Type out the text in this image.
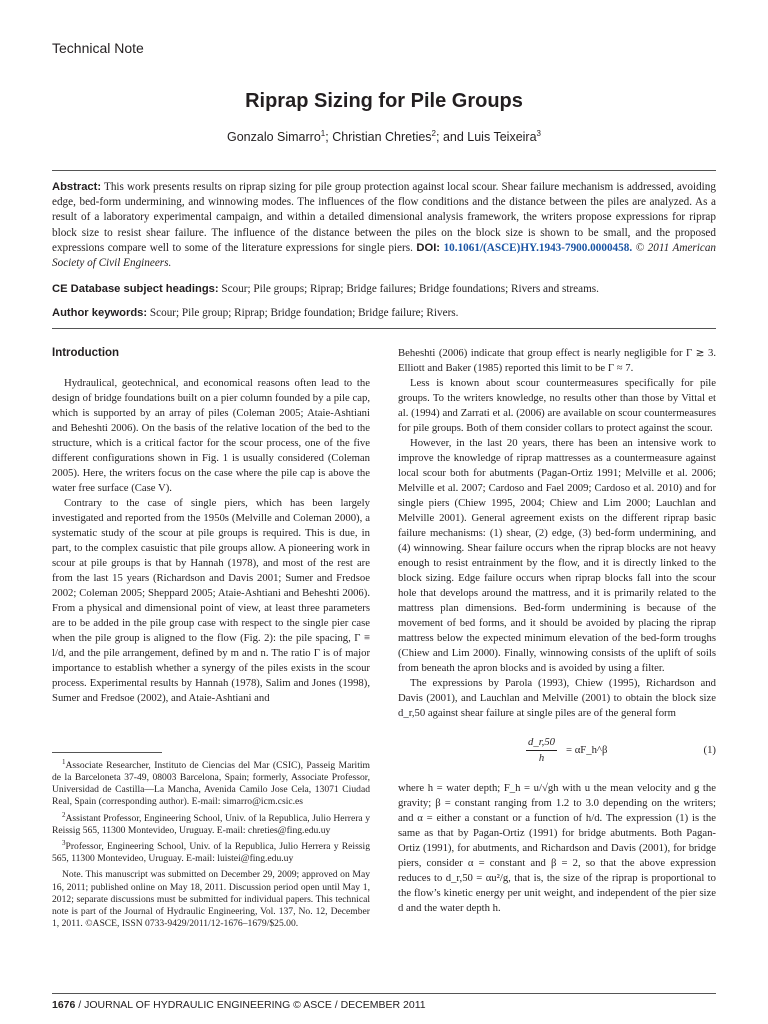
Technical Note
Riprap Sizing for Pile Groups
Gonzalo Simarro$^1$; Christian Chreties$^2$; and Luis Teixeira$^3$
Abstract: This work presents results on riprap sizing for pile group protection against local scour. Shear failure mechanism is addressed, avoiding edge, bed-form undermining, and winnowing modes. The influences of the flow conditions and the distance between the piles are analyzed. As a result of a laboratory experimental campaign, and within a detailed dimensional analysis framework, the writers propose expressions for riprap block size to resist shear failure. The influence of the distance between the piles on the block size is shown to be small, and the proposed expressions compare well to some of the literature expressions for single piers. DOI: 10.1061/(ASCE)HY.1943-7900.0000458. © 2011 American Society of Civil Engineers.
CE Database subject headings: Scour; Pile groups; Riprap; Bridge failures; Bridge foundations; Rivers and streams.
Author keywords: Scour; Pile group; Riprap; Bridge foundation; Bridge failure; Rivers.
Introduction

Hydraulical, geotechnical, and economical reasons often lead to the design of bridge foundations built on a pier column founded by a pile cap, which is supported by an array of piles (Coleman 2005; Ataie-Ashtiani and Beheshti 2006). On the basis of the relative location of the bed to the structure, which is a critical factor for the scour process, one of the five different configurations shown in Fig. 1 is usually considered (Coleman 2005). Here, the writers focus on the case where the pile cap is above the water free surface (Case V).

Contrary to the case of single piers, which has been largely investigated and reported from the 1950s (Melville and Coleman 2000), a systematic study of the scour at pile groups is required. This is due, in part, to the complex casuistic that pile groups allow. A pioneering work in scour at pile groups is that by Hannah (1978), and most of the rest are from the last 15 years (Richardson and Davis 2001; Sumer and Fredsoe 2002; Coleman 2005; Sheppard 2005; Ataie-Ashtiani and Beheshti 2006). From a physical and dimensional point of view, at least three parameters are to be added in the pile group case with respect to the single pier case when the pile group is aligned to the flow (Fig. 2): the pile spacing, Γ ≡ l/d, and the pile arrangement, defined by m and n. The ratio Γ is of major importance to establish whether a synergy of the piles exists in the scour process. Experimental results by Hannah (1978), Salim and Jones (1998), Sumer and Fredsoe (2002), and Ataie-Ashtiani and

$^1$Associate Researcher, Instituto de Ciencias del Mar (CSIC), Passeig Maritim de la Barceloneta 37-49, 08003 Barcelona, Spain; formerly, Associate Professor, Universidad de Castilla—La Mancha, Avenida Camilo Jose Cela, 13071 Ciudad Real, Spain (corresponding author). E-mail: simarro@icm.csic.es

$^2$Assistant Professor, Engineering School, Univ. of la Republica, Julio Herrera y Reissig 565, 11300 Montevideo, Uruguay. E-mail: chreties@fing.edu.uy

$^3$Professor, Engineering School, Univ. of la Republica, Julio Herrera y Reissig 565, 11300 Montevideo, Uruguay. E-mail: luistei@fing.edu.uy

Note. This manuscript was submitted on December 29, 2009; approved on May 16, 2011; published online on May 18, 2011. Discussion period open until May 1, 2012; separate discussions must be submitted for individual papers. This technical note is part of the Journal of Hydraulic Engineering, Vol. 137, No. 12, December 1, 2011. ©ASCE, ISSN 0733-9429/2011/12-1676–1679/$25.00.

Beheshti (2006) indicate that group effect is nearly negligible for Γ ≳ 3. Elliott and Baker (1985) reported this limit to be Γ ≈ 7.

Less is known about scour countermeasures specifically for pile groups. To the writers knowledge, no results other than those by Vittal et al. (1994) and Zarrati et al. (2006) are available on scour countermeasures for pile groups. Both of them consider collars to protect against the scour.

However, in the last 20 years, there has been an intensive work to improve the knowledge of riprap mattresses as a countermeasure against local scour both for abutments (Pagan-Ortiz 1991; Melville et al. 2006; Melville et al. 2007; Cardoso and Fael 2009; Cardoso et al. 2010) and for single piers (Chiew 1995, 2004; Chiew and Lim 2000; Lauchlan and Melville 2001). General agreement exists on the different riprap basic failure mechanisms: (1) shear, (2) edge, (3) bed-form undermining, and (4) winnowing. Shear failure occurs when the riprap blocks are not heavy enough to resist entrainment by the flow, and it is directly linked to the block sizing. Edge failure occurs when riprap blocks fall into the scour hole that develops around the mattress, and it is primarily related to the mattress plan dimensions. Bed-form undermining is because of the movement of bed forms, and it should be avoided by placing the riprap mattress below the expected minimum elevation of the bed-form troughs (Chiew and Lim 2000). Finally, winnowing consists of the uplift of soils from beneath the apron blocks and is avoided by using a filter.

The expressions by Parola (1993), Chiew (1995), Richardson and Davis (2001), and Lauchlan and Melville (2001) to obtain the block size d_r,50 against shear failure at single piles are of the general form

$\frac{d\_r,50}{h}$ = αF_h^β	(1)

where h = water depth; F_h = u/√gh with u the mean velocity and g the gravity; β = constant ranging from 1.2 to 3.0 depending on the writers; and α = either a constant or a function of h/d. The expression (1) is the same as that by Pagan-Ortiz (1991) for bridge abutments. Both Pagan-Ortiz (1991), for abutments, and Richardson and Davis (2001), for bridge piers, consider α = constant and β = 2, so that the above expression reduces to d_r,50 = αu²/g, that is, the size of the riprap is proportional to the flow’s kinetic energy per unit weight, and independent of the pier size d and the water depth h.

1676 / JOURNAL OF HYDRAULIC ENGINEERING © ASCE / DECEMBER 2011
